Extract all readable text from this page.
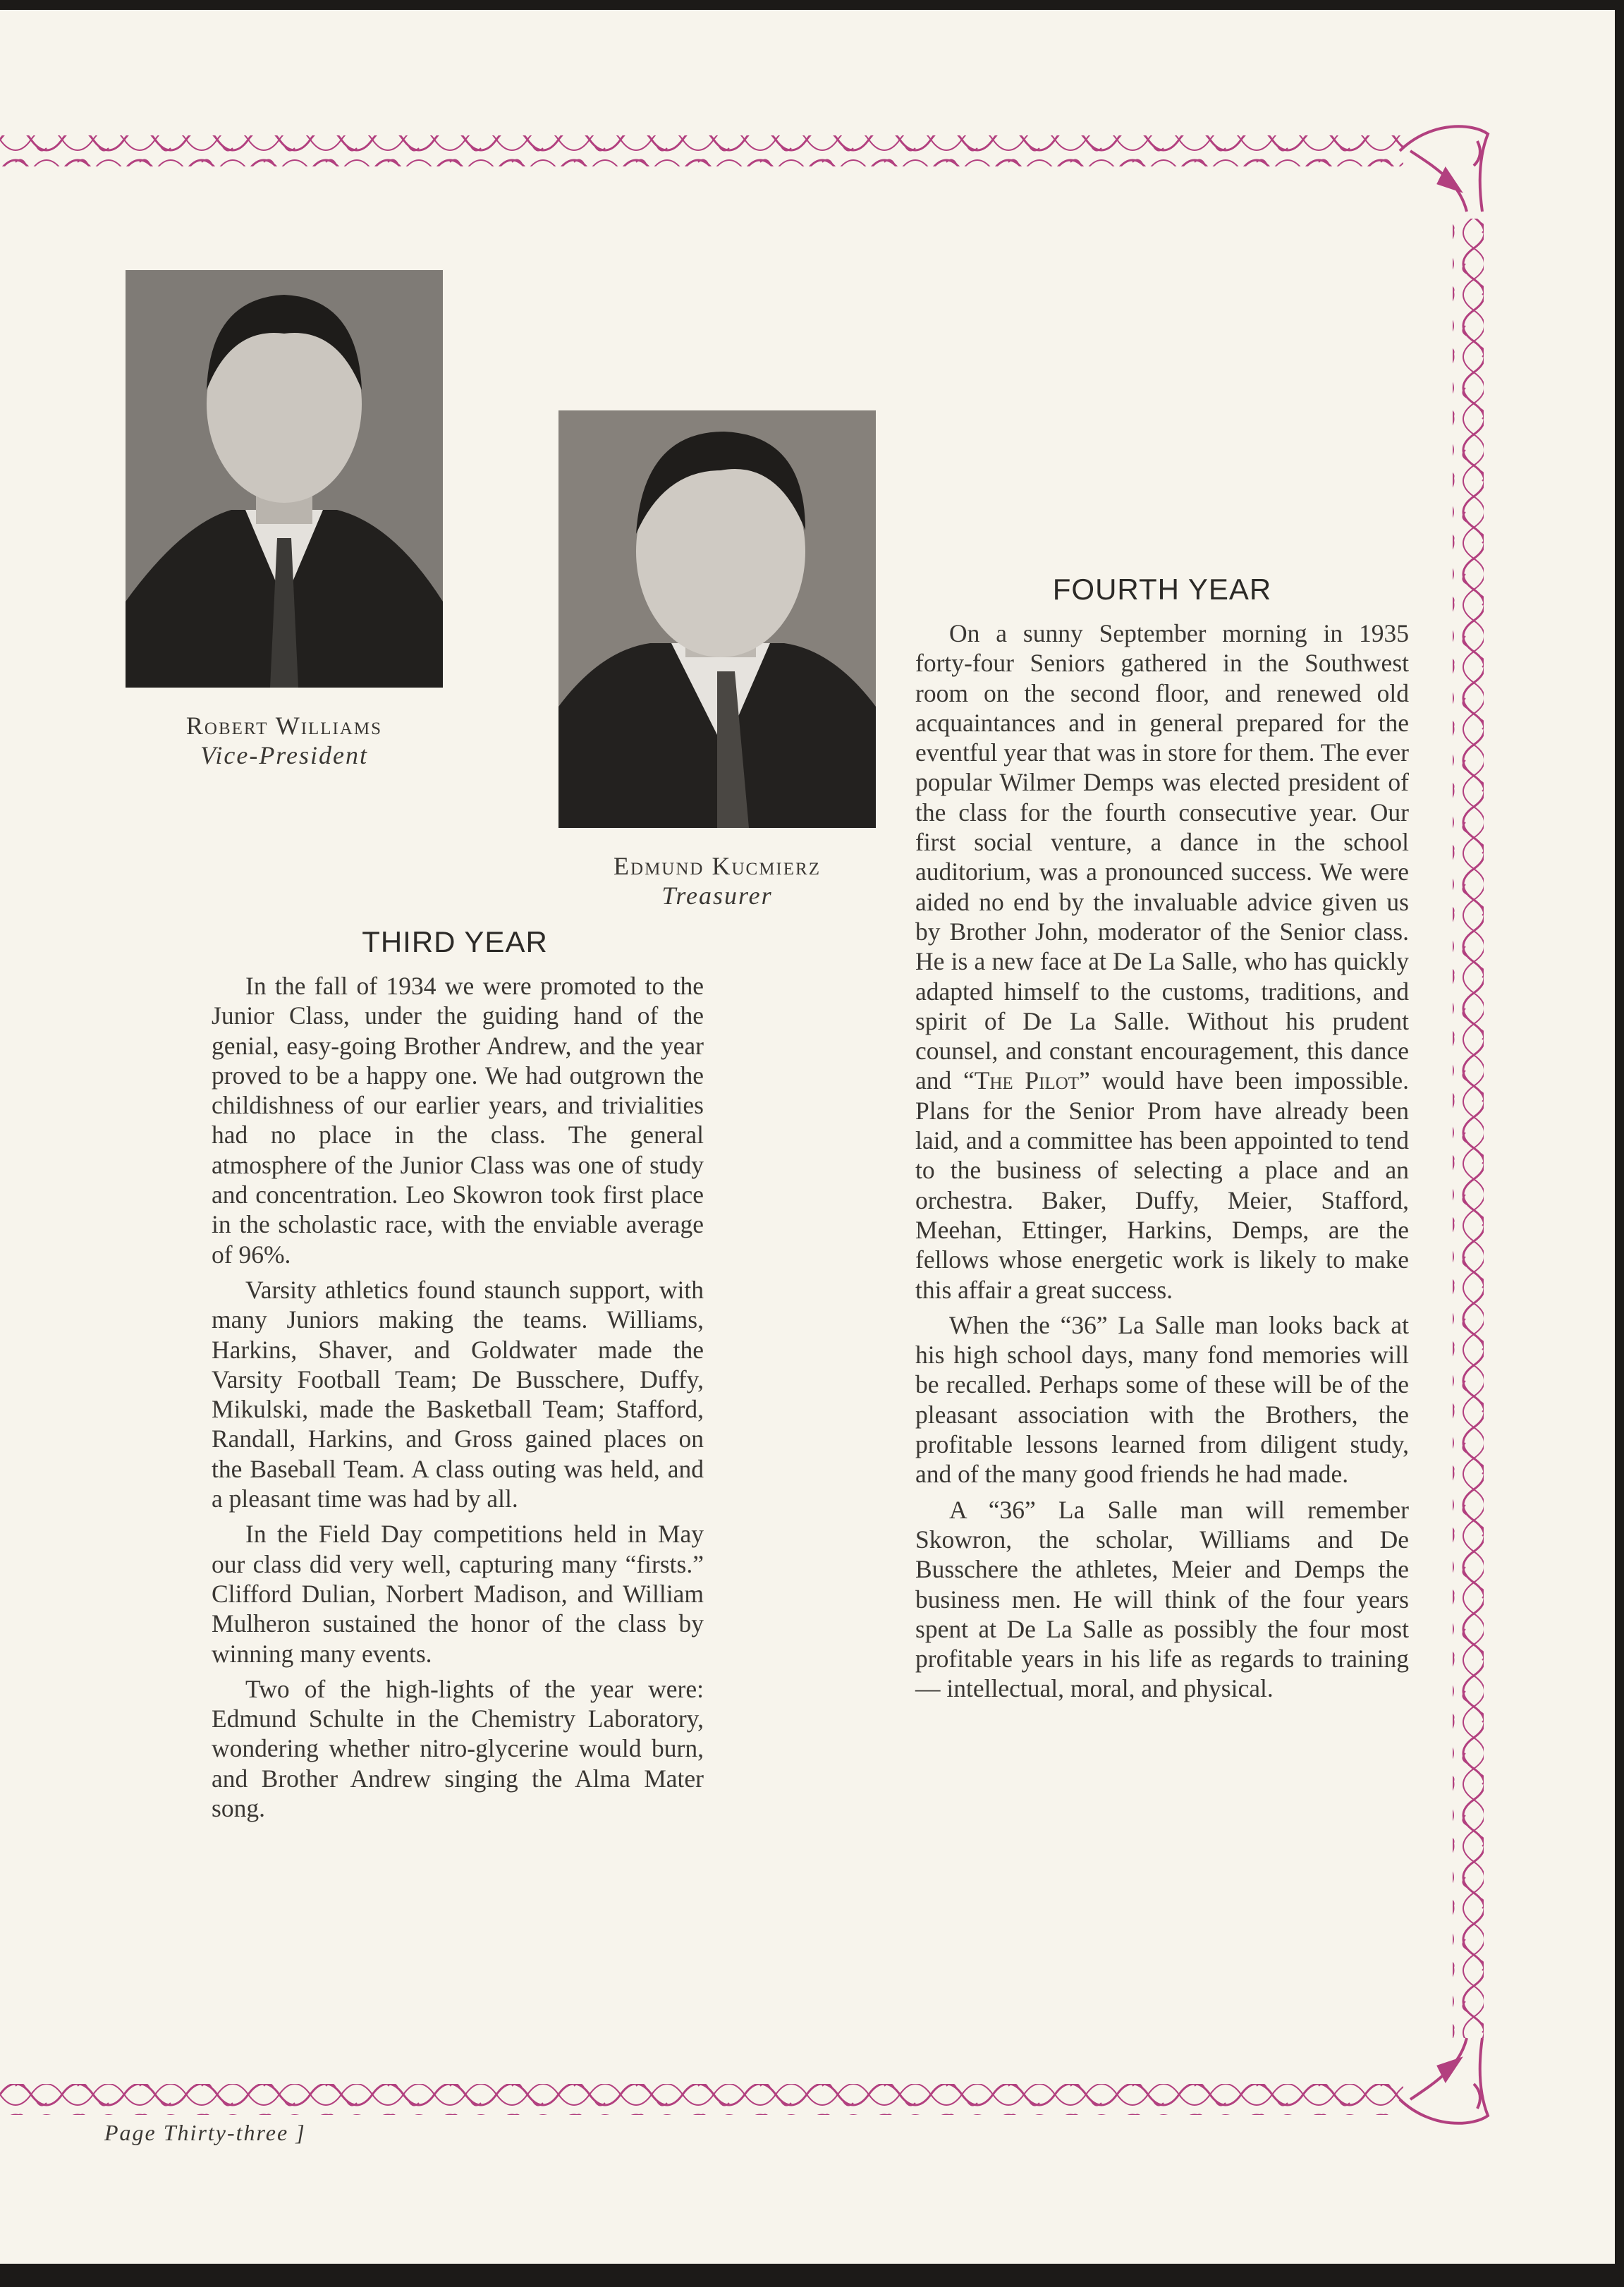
Robert Williams
Vice-President
Edmund Kucmierz
Treasurer
THIRD YEAR

In the fall of 1934 we were promoted to the Junior Class, under the guiding hand of the genial, easy-going Brother Andrew, and the year proved to be a happy one. We had outgrown the childishness of our earlier years, and trivialities had no place in the class. The general atmosphere of the Junior Class was one of study and concentration. Leo Skowron took first place in the scholastic race, with the enviable average of 96%.

Varsity athletics found staunch support, with many Juniors making the teams. Williams, Harkins, Shaver, and Goldwater made the Varsity Football Team; De Busschere, Duffy, Mikulski, made the Basketball Team; Stafford, Randall, Harkins, and Gross gained places on the Baseball Team. A class outing was held, and a pleasant time was had by all.

In the Field Day competitions held in May our class did very well, capturing many “firsts.” Clifford Dulian, Norbert Madison, and William Mulheron sustained the honor of the class by winning many events.

Two of the high-lights of the year were: Edmund Schulte in the Chemistry Laboratory, wondering whether nitro-glycerine would burn, and Brother Andrew singing the Alma Mater song.

FOURTH YEAR

On a sunny September morning in 1935 forty-four Seniors gathered in the Southwest room on the second floor, and renewed old acquaintances and in general prepared for the eventful year that was in store for them. The ever popular Wilmer Demps was elected president of the class for the fourth consecutive year. Our first social venture, a dance in the school auditorium, was a pronounced success. We were aided no end by the invaluable advice given us by Brother John, moderator of the Senior class. He is a new face at De La Salle, who has quickly adapted himself to the customs, traditions, and spirit of De La Salle. Without his prudent counsel, and constant encouragement, this dance and “The Pilot” would have been impossible. Plans for the Senior Prom have already been laid, and a committee has been appointed to tend to the business of selecting a place and an orchestra. Baker, Duffy, Meier, Stafford, Meehan, Ettinger, Harkins, Demps, are the fellows whose energetic work is likely to make this affair a great success.

When the “36” La Salle man looks back at his high school days, many fond memories will be recalled. Perhaps some of these will be of the pleasant association with the Brothers, the profitable lessons learned from diligent study, and of the many good friends he had made.

A “36” La Salle man will remember Skowron, the scholar, Williams and De Busschere the athletes, Meier and Demps the business men. He will think of the four years spent at De La Salle as possibly the four most profitable years in his life as regards to training — intellectual, moral, and physical.

Page Thirty-three ]
